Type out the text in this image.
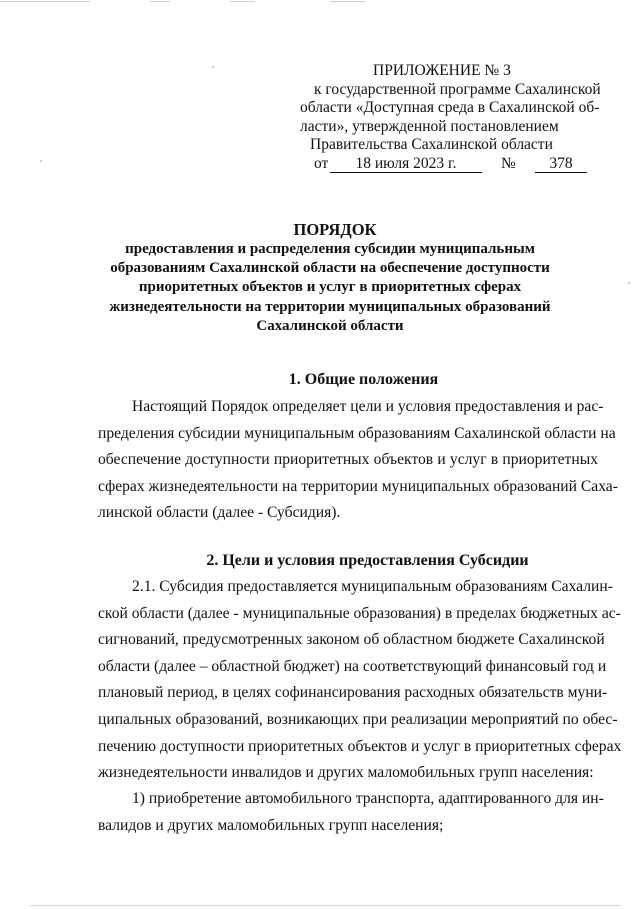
ПРИЛОЖЕНИЕ № 3
к государственной программе Сахалинской
области «Доступная среда в Сахалинской об-
ласти», утвержденной постановлением
Правительства Сахалинской области
от	18 июля 2023 г.	№	378
ПОРЯДОК
предоставления и распределения субсидии муниципальным
образованиям Сахалинской области на обеспечение доступности
приоритетных объектов и услуг в приоритетных сферах
жизнедеятельности на территории муниципальных образований
Сахалинской области
1. Общие положения
Настоящий Порядок определяет цели и условия предоставления и рас-
пределения субсидии муниципальным образованиям Сахалинской области на
обеспечение доступности приоритетных объектов и услуг в приоритетных
сферах жизнедеятельности на территории муниципальных образований Саха-
линской области (далее - Субсидия).
2. Цели и условия предоставления Субсидии
2.1. Субсидия предоставляется муниципальным образованиям Сахалин-
ской области (далее - муниципальные образования) в пределах бюджетных ас-
сигнований, предусмотренных законом об областном бюджете Сахалинской
области (далее – областной бюджет) на соответствующий финансовый год и
плановый период, в целях софинансирования расходных обязательств муни-
ципальных образований, возникающих при реализации мероприятий по обес-
печению доступности приоритетных объектов и услуг в приоритетных сферах
жизнедеятельности инвалидов и других маломобильных групп населения:
1) приобретение автомобильного транспорта, адаптированного для ин-
валидов и других маломобильных групп населения;
